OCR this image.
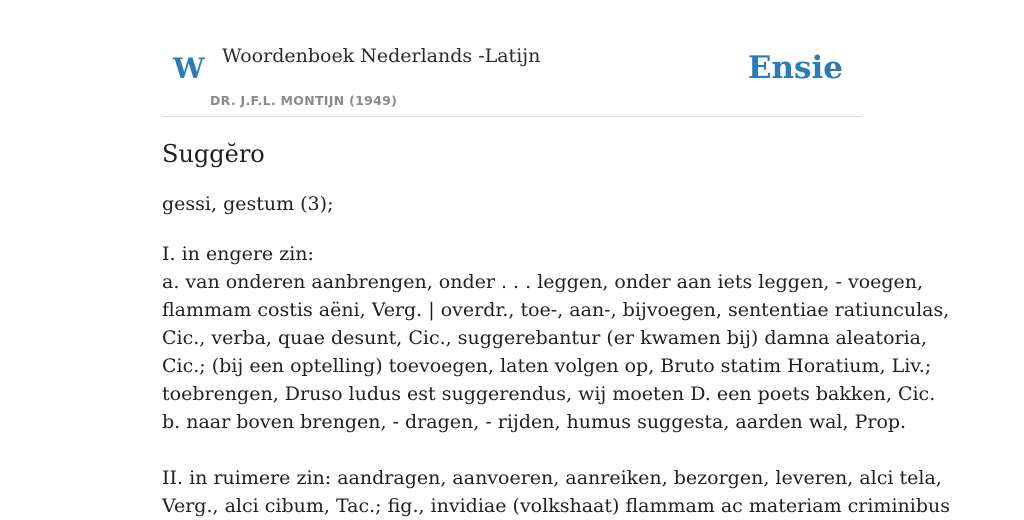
W Woordenboek Nederlands -Latijn
DR. J.F.L. MONTIJN (1949)
Ensie
Suggĕro
gessi, gestum (3);
I. in engere zin:
a. van onderen aanbrengen, onder . . . leggen, onder aan iets leggen, - voegen,
flammam costis aëni, Verg. | overdr., toe-, aan-, bijvoegen, sententiae ratiunculas,
Cic., verba, quae desunt, Cic., suggerebantur (er kwamen bij) damna aleatoria,
Cic.; (bij een optelling) toevoegen, laten volgen op, Bruto statim Horatium, Liv.;
toebrengen, Druso ludus est suggerendus, wij moeten D. een poets bakken, Cic.
b. naar boven brengen, - dragen, - rijden, humus suggesta, aarden wal, Prop.
II. in ruimere zin: aandragen, aanvoeren, aanreiken, bezorgen, leveren, alci tela,
Verg., alci cibum, Tac.; fig., invidiae (volkshaat) flammam ac materiam criminibus
